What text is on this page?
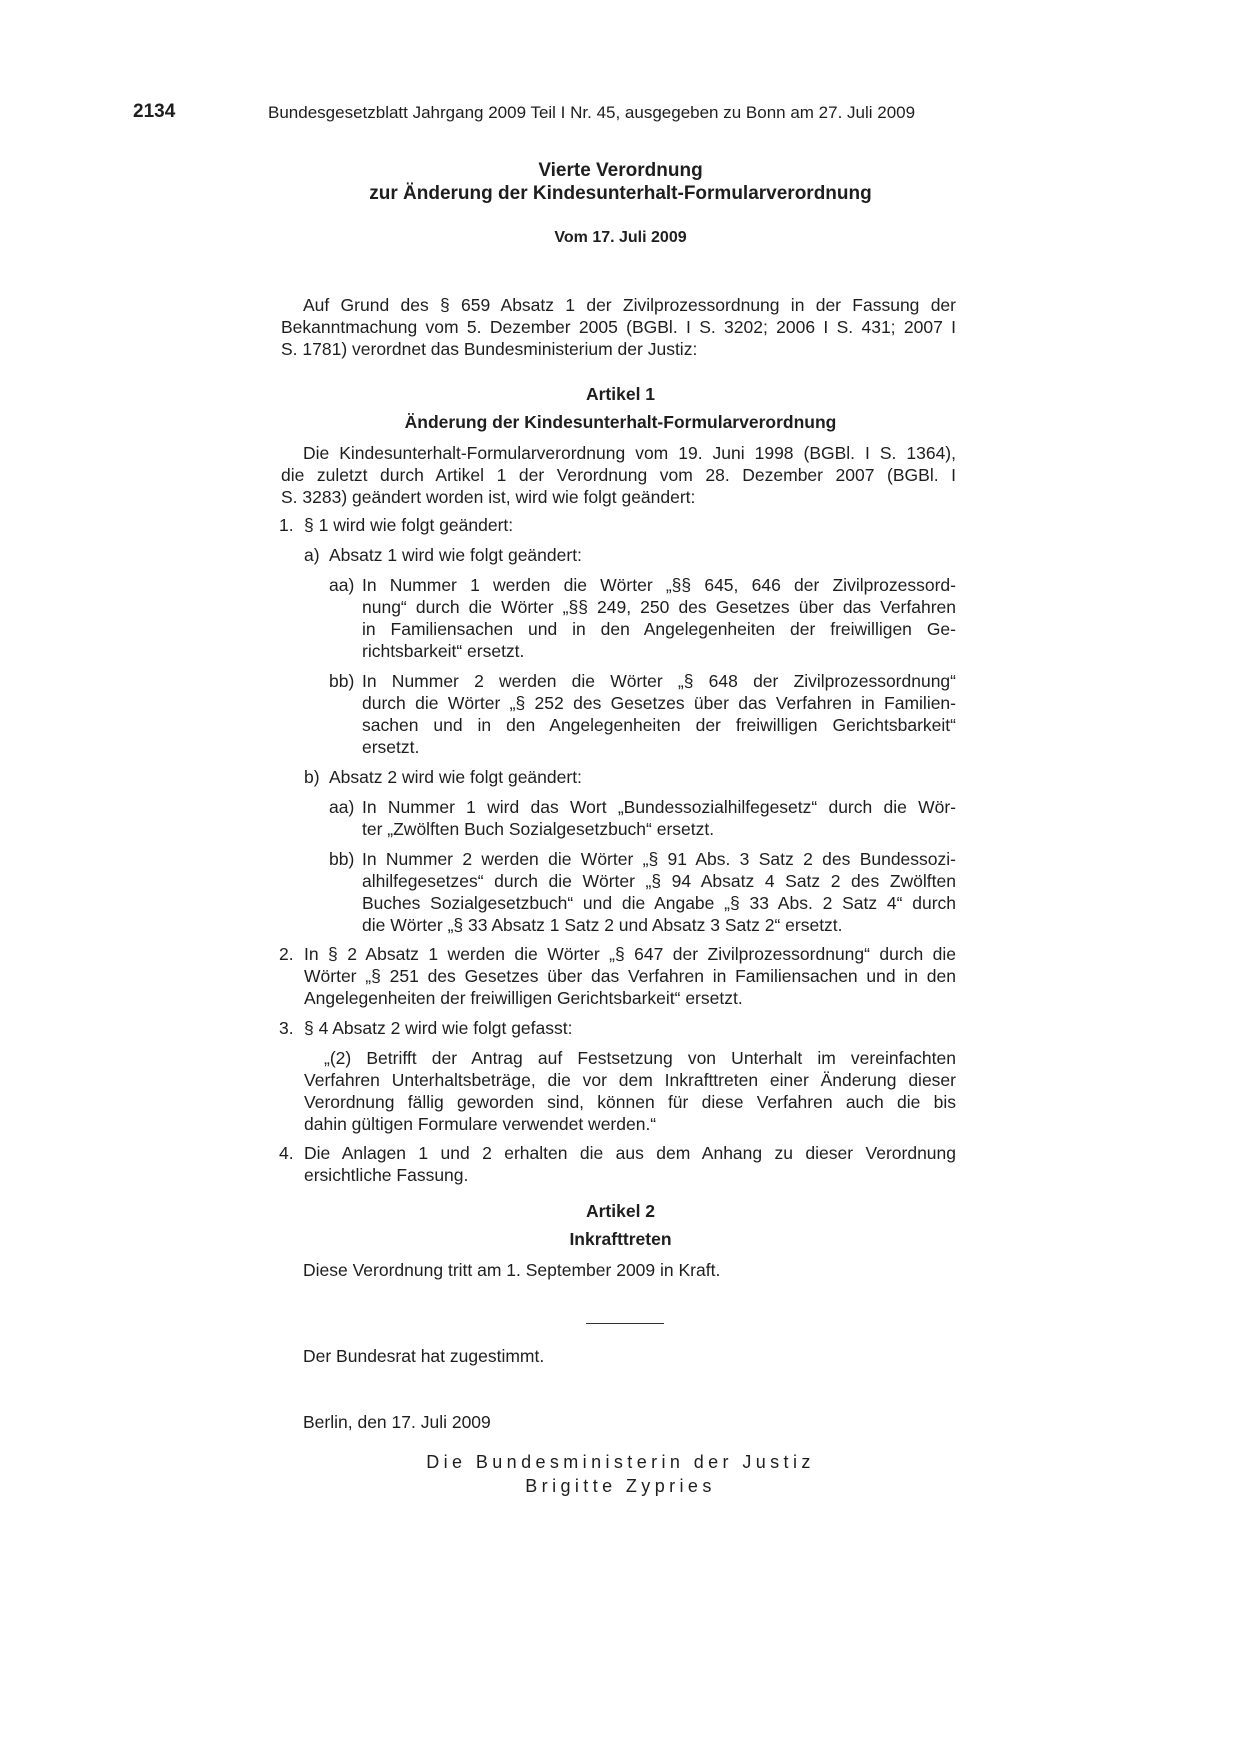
2134	Bundesgesetzblatt Jahrgang 2009 Teil I Nr. 45, ausgegeben zu Bonn am 27. Juli 2009
Vierte Verordnung
zur Änderung der Kindesunterhalt-Formularverordnung
Vom 17. Juli 2009

Auf Grund des § 659 Absatz 1 der Zivilprozessordnung in der Fassung der

Bekanntmachung vom 5. Dezember 2005 (BGBl. I S. 3202; 2006 I S. 431; 2007 I

S. 1781) verordnet das Bundesministerium der Justiz:

Artikel 1
Änderung der Kindesunterhalt-Formularverordnung

Die Kindesunterhalt-Formularverordnung vom 19. Juni 1998 (BGBl. I S. 1364),

die zuletzt durch Artikel 1 der Verordnung vom 28. Dezember 2007 (BGBl. I

S. 3283) geändert worden ist, wird wie folgt geändert:

1. § 1 wird wie folgt geändert:
a) Absatz 1 wird wie folgt geändert:
aa) In Nummer 1 werden die Wörter „§§ 645, 646 der Zivilprozessord-

nung“ durch die Wörter „§§ 249, 250 des Gesetzes über das Verfahren

in Familiensachen und in den Angelegenheiten der freiwilligen Ge-

richtsbarkeit“ ersetzt.

bb) In Nummer 2 werden die Wörter „§ 648 der Zivilprozessordnung“

durch die Wörter „§ 252 des Gesetzes über das Verfahren in Familien-

sachen und in den Angelegenheiten der freiwilligen Gerichtsbarkeit“

ersetzt.

b) Absatz 2 wird wie folgt geändert:
aa) In Nummer 1 wird das Wort „Bundessozialhilfegesetz“ durch die Wör-

ter „Zwölften Buch Sozialgesetzbuch“ ersetzt.

bb) In Nummer 2 werden die Wörter „§ 91 Abs. 3 Satz 2 des Bundessozi-

alhilfegesetzes“ durch die Wörter „§ 94 Absatz 4 Satz 2 des Zwölften

Buches Sozialgesetzbuch“ und die Angabe „§ 33 Abs. 2 Satz 4“ durch

die Wörter „§ 33 Absatz 1 Satz 2 und Absatz 3 Satz 2“ ersetzt.

2. In § 2 Absatz 1 werden die Wörter „§ 647 der Zivilprozessordnung“ durch die

Wörter „§ 251 des Gesetzes über das Verfahren in Familiensachen und in den

Angelegenheiten der freiwilligen Gerichtsbarkeit“ ersetzt.

3. § 4 Absatz 2 wird wie folgt gefasst:

„(2) Betrifft der Antrag auf Festsetzung von Unterhalt im vereinfachten

Verfahren Unterhaltsbeträge, die vor dem Inkrafttreten einer Änderung dieser

Verordnung fällig geworden sind, können für diese Verfahren auch die bis

dahin gültigen Formulare verwendet werden.“

4. Die Anlagen 1 und 2 erhalten die aus dem Anhang zu dieser Verordnung

ersichtliche Fassung.

Artikel 2
Inkrafttreten
Diese Verordnung tritt am 1. September 2009 in Kraft.
Der Bundesrat hat zugestimmt.
Berlin, den 17. Juli 2009
Die Bundesministerin der Justiz
Brigitte Zypries
